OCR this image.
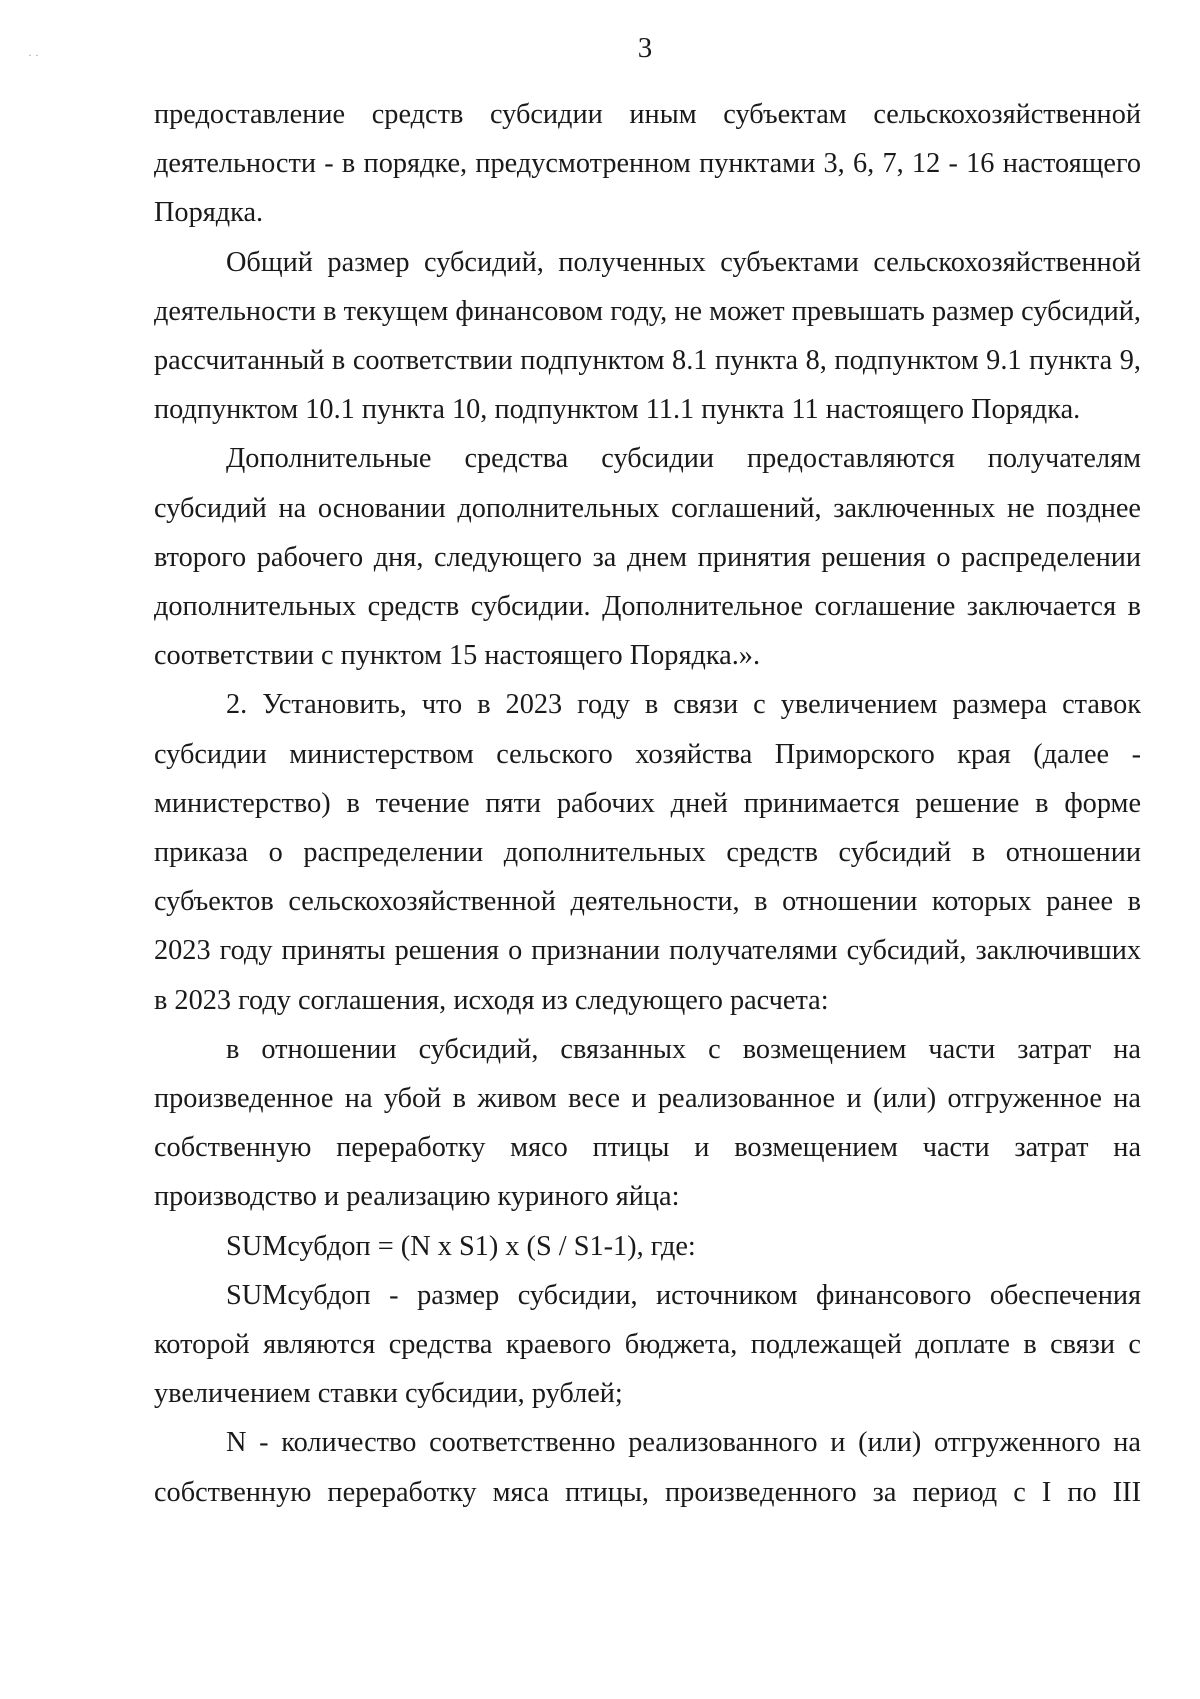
· ·	3

предоставление средств субсидии иным субъектам сельскохозяйственной деятельности - в порядке, предусмотренном пунктами 3, 6, 7, 12 - 16 настоящего Порядка.

Общий размер субсидий, полученных субъектами сельскохозяйственной деятельности в текущем финансовом году, не может превышать размер субсидий, рассчитанный в соответствии подпунктом 8.1 пункта 8, подпунктом 9.1 пункта 9, подпунктом 10.1 пункта 10, подпунктом 11.1 пункта 11 настоящего Порядка.

Дополнительные средства субсидии предоставляются получателям субсидий на основании дополнительных соглашений, заключенных не позднее второго рабочего дня, следующего за днем принятия решения о распределении дополнительных средств субсидии. Дополнительное соглашение заключается в соответствии с пунктом 15 настоящего Порядка.».

2. Установить, что в 2023 году в связи с увеличением размера ставок субсидии министерством сельского хозяйства Приморского края (далее - министерство) в течение пяти рабочих дней принимается решение в форме приказа о распределении дополнительных средств субсидий в отношении субъектов сельскохозяйственной деятельности, в отношении которых ранее в 2023 году приняты решения о признании получателями субсидий, заключивших в 2023 году соглашения, исходя из следующего расчета:

в отношении субсидий, связанных с возмещением части затрат на произведенное на убой в живом весе и реализованное и (или) отгруженное на собственную переработку мясо птицы и возмещением части затрат на производство и реализацию куриного яйца:

SUMсубдоп = (N x S1) x (S / S1-1), где:

SUMсубдоп - размер субсидии, источником финансового обеспечения которой являются средства краевого бюджета, подлежащей доплате в связи с увеличением ставки субсидии, рублей;

N - количество соответственно реализованного и (или) отгруженного на собственную переработку мяса птицы, произведенного за период с I по III
